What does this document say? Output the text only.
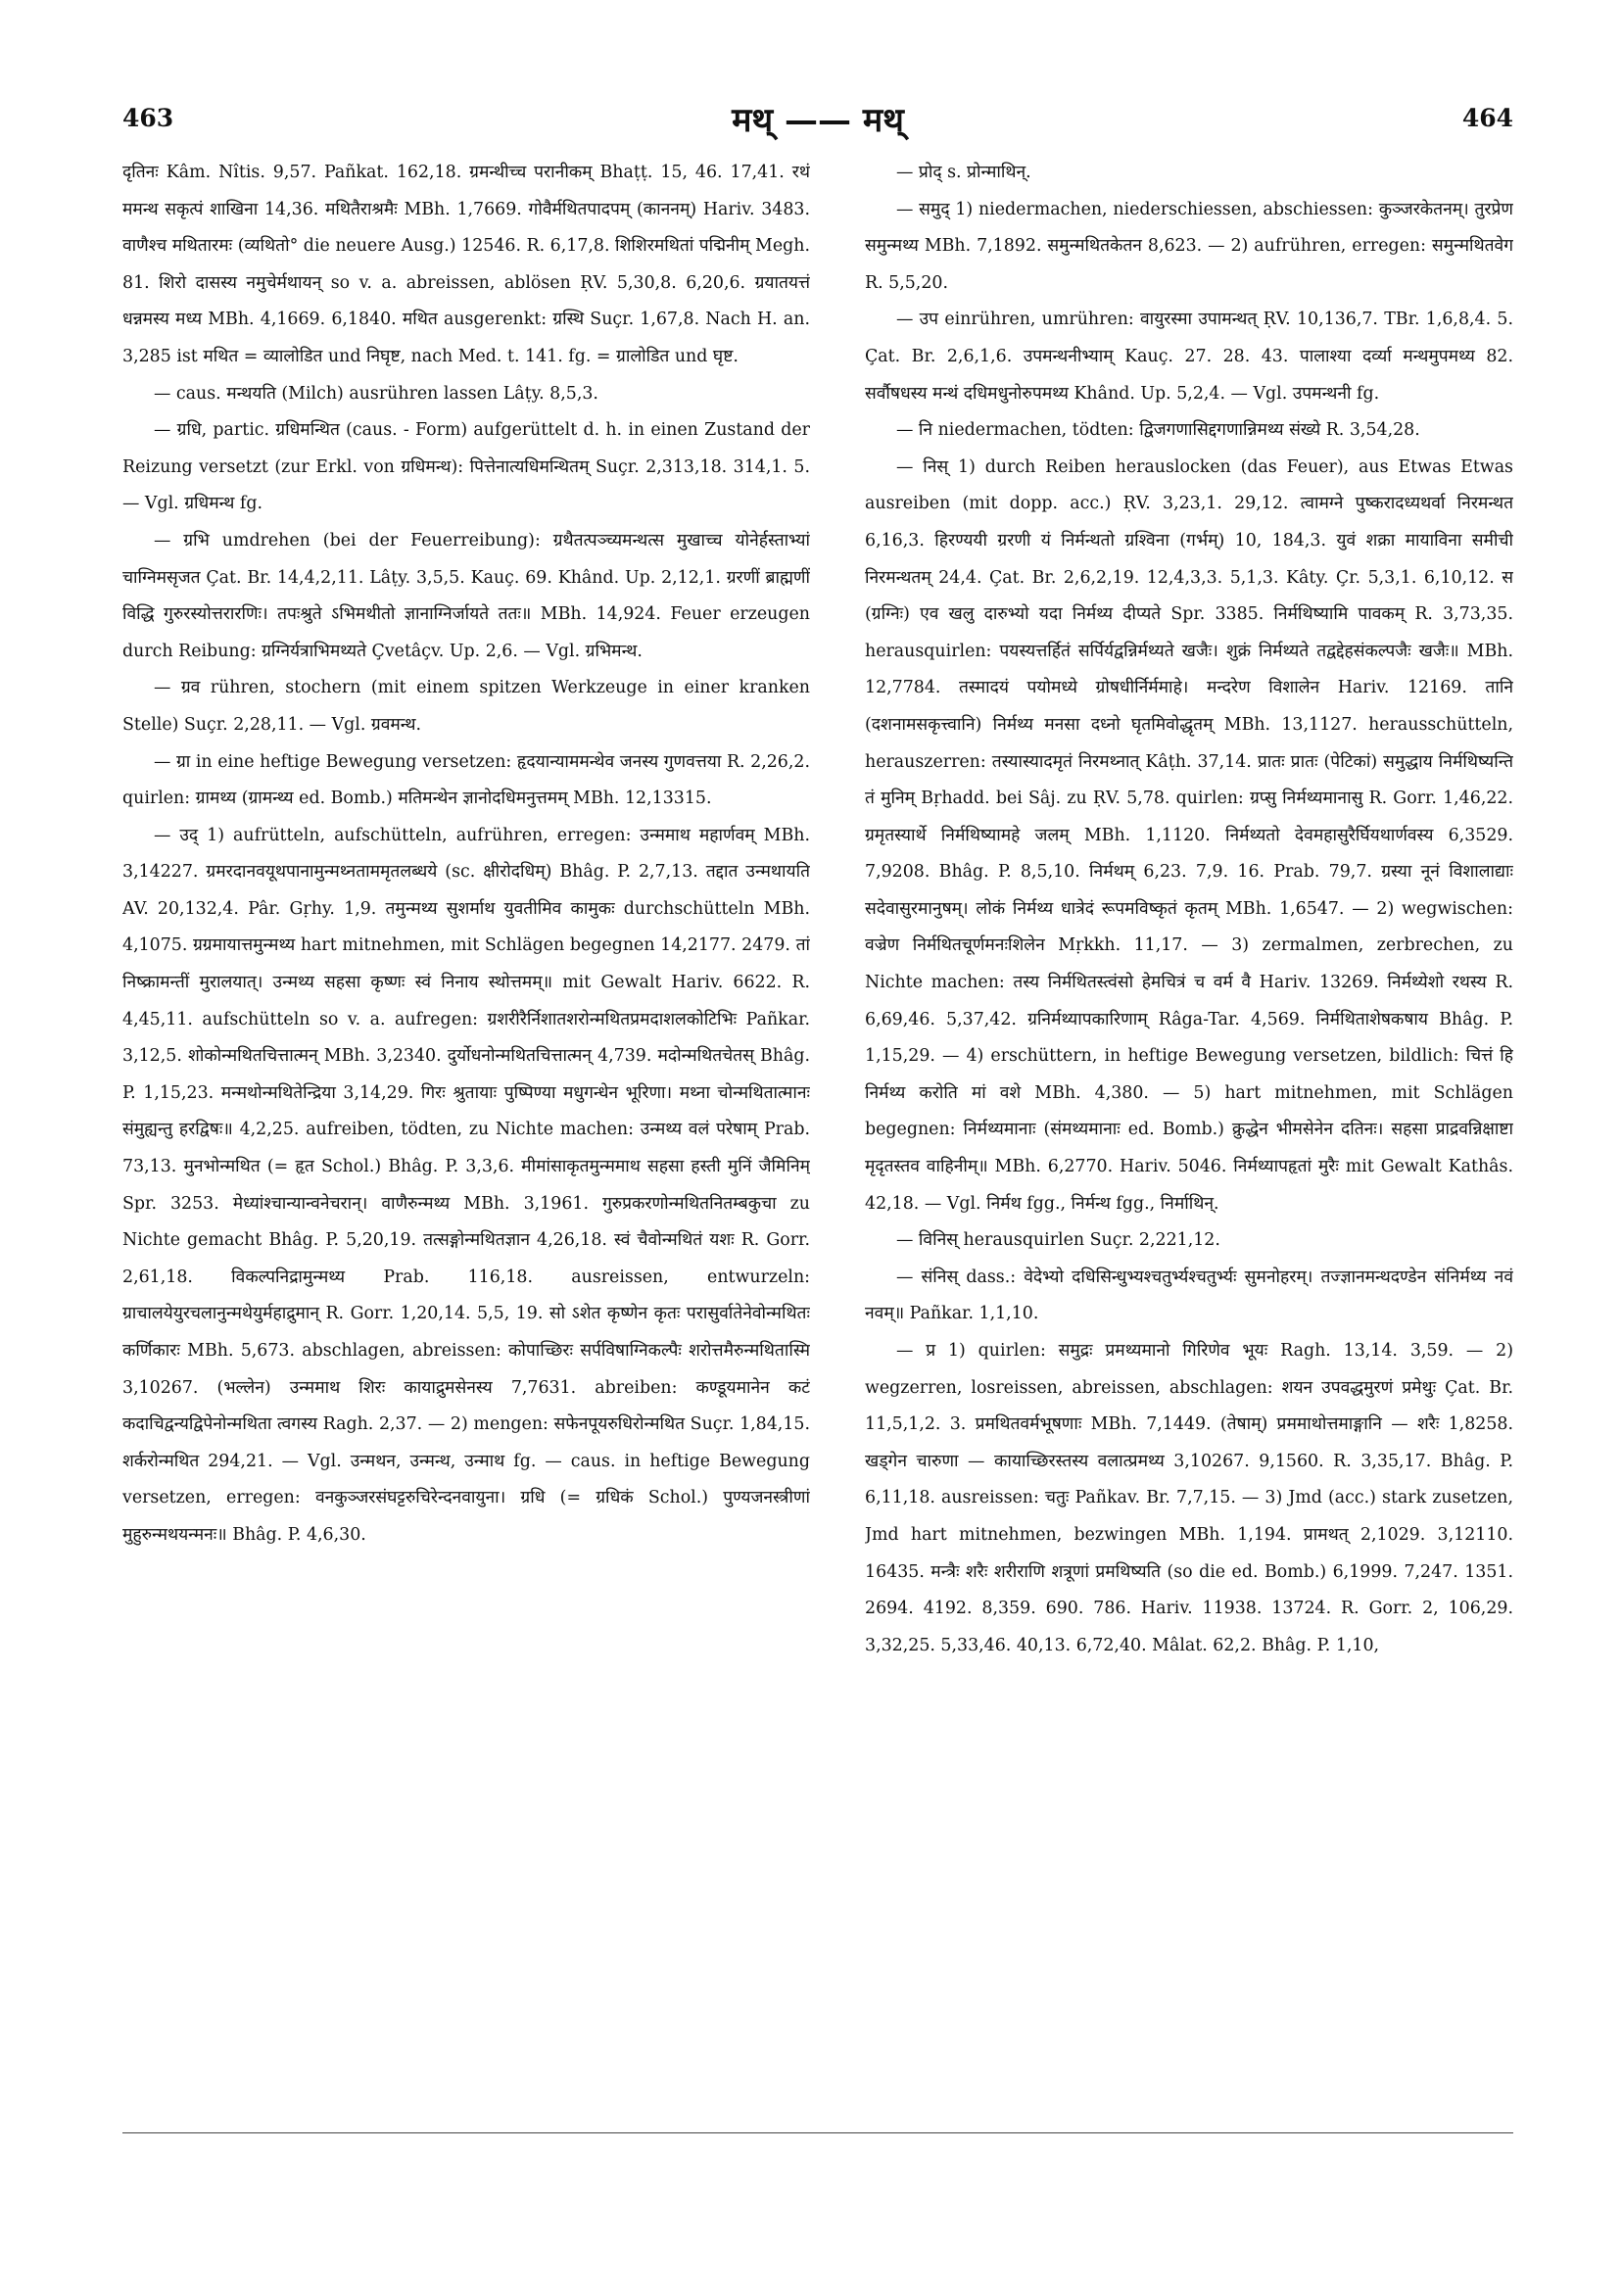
463	मथ् —— मथ्	464

दृतिनः Kâm. Nîtis. 9,57. Pañkat. 162,18. ग्रमन्थीच्च परानीकम् Bhaṭṭ. 15, 46. 17,41. रथं ममन्थ सकृत्पं शाखिना 14,36. मथितैराश्रमैः MBh. 1,7669. गोवैर्मथितपादपम् (काननम्) Hariv. 3483. वाणैश्च मथितारमः (व्यथितो° die neuere Ausg.) 12546. R. 6,17,8. शिशिरमथितां पद्मिनीम् Megh. 81. शिरो दासस्य नमुचेर्मथायन् so v. a. abreissen, ablösen ṚV. 5,30,8. 6,20,6. ग्रयातयत्तं धन्नमस्य मध्य MBh. 4,1669. 6,1840. मथित ausgerenkt: ग्रस्थि Suçr. 1,67,8. Nach H. an. 3,285 ist मथित = व्यालोडित und निघृष्ट, nach Med. t. 141. fg. = ग्रालोडित und घृष्ट.

— caus. मन्थयति (Milch) ausrühren lassen Lâṭy. 8,5,3.

— ग्रधि, partic. ग्रधिमन्थित (caus. - Form) aufgerüttelt d. h. in einen Zustand der Reizung versetzt (zur Erkl. von ग्रधिमन्थ): पित्तेनात्यधिमन्थितम् Suçr. 2,313,18. 314,1. 5. — Vgl. ग्रधिमन्थ fg.

— ग्रभि umdrehen (bei der Feuerreibung): ग्रथैतत्पञ्च्यमन्थत्स मुखाच्च योनेर्हस्ताभ्यां चाग्निमसृजत Çat. Br. 14,4,2,11. Lâṭy. 3,5,5. Kauç. 69. Khând. Up. 2,12,1. ग्ररणीं ब्राह्मणीं विद्धि गुरुरस्योत्तरारणिः। तपःश्रुते ऽभिमथीतो ज्ञानाग्निर्जायते ततः॥ MBh. 14,924. Feuer erzeugen durch Reibung: ग्रग्निर्यत्राभिमथ्यते Çvetâçv. Up. 2,6. — Vgl. ग्रभिमन्थ.

— ग्रव rühren, stochern (mit einem spitzen Werkzeuge in einer kranken Stelle) Suçr. 2,28,11. — Vgl. ग्रवमन्थ.

— ग्रा in eine heftige Bewegung versetzen: हृदयान्याममन्थेव जनस्य गुणवत्तया R. 2,26,2. quirlen: ग्रामथ्य (ग्रामन्थ्य ed. Bomb.) मतिमन्थेन ज्ञानोदधिमनुत्तमम् MBh. 12,13315.

— उद् 1) aufrütteln, aufschütteln, aufrühren, erregen: उन्ममाथ महार्णवम् MBh. 3,14227. ग्रमरदानवयूथपानामुन्मथ्नताममृतलब्धये (sc. क्षीरोदधिम्) Bhâg. P. 2,7,13. तद्दात उन्मथायति AV. 20,132,4. Pâr. Gṛhy. 1,9. तमुन्मथ्य सुशर्माथ युवतीमिव कामुकः durchschütteln MBh. 4,1075. ग्रग्रमायात्तमुन्मथ्य hart mitnehmen, mit Schlägen begegnen 14,2177. 2479. तां निष्क्रामन्तीं मुरालयात्। उन्मथ्य सहसा कृष्णः स्वं निनाय स्थोत्तमम्॥ mit Gewalt Hariv. 6622. R. 4,45,11. aufschütteln so v. a. aufregen: ग्रशरीरैर्निशातशरोन्मथितप्रमदाशलकोटिभिः Pañkar. 3,12,5. शोकोन्मथितचित्तात्मन् MBh. 3,2340. दुर्योधनोन्मथितचित्तात्मन् 4,739. मदोन्मथितचेतस् Bhâg. P. 1,15,23. मन्मथोन्मथितेन्द्रिया 3,14,29. गिरः श्रुतायाः पुष्पिण्या मधुगन्धेन भूरिणा। मथ्ना चोन्मथितात्मानः संमुह्यन्तु हरद्विषः॥ 4,2,25. aufreiben, tödten, zu Nichte machen: उन्मथ्य वलं परेषाम् Prab. 73,13. मुनभोन्मथित (= हृत Schol.) Bhâg. P. 3,3,6. मीमांसाकृतमुन्ममाथ सहसा हस्ती मुनिं जैमिनिम् Spr. 3253. मेध्यांश्चान्यान्वनेचरान्। वाणैरुन्मथ्य MBh. 3,1961. गुरुप्रकरणोन्मथितनितम्बकुचा zu Nichte gemacht Bhâg. P. 5,20,19. तत्सङ्गोन्मथितज्ञान 4,26,18. स्वं चैवोन्मथितं यशः R. Gorr. 2,61,18. विकल्पनिद्रामुन्मथ्य Prab. 116,18. ausreissen, entwurzeln: ग्राचालयेयुरचलानुन्मथेयुर्महाद्रुमान् R. Gorr. 1,20,14. 5,5, 19. सो ऽशेत कृष्णेन कृतः परासुर्वातेनेवोन्मथितः कर्णिकारः MBh. 5,673. abschlagen, abreissen: कोपाच्छिरः सर्पविषाग्निकल्पैः शरोत्तमैरुन्मथितास्मि 3,10267. (भल्लेन) उन्ममाथ शिरः कायाद्रुमसेनस्य 7,7631. abreiben: कण्डूयमानेन कटं कदाचिद्वन्यद्विपेनोन्मथिता त्वगस्य Ragh. 2,37. — 2) mengen: सफेनपूयरुधिरोन्मथित Suçr. 1,84,15. शर्करोन्मथित 294,21. — Vgl. उन्मथन, उन्मन्थ, उन्माथ fg. — caus. in heftige Bewegung versetzen, erregen: वनकुञ्जरसंघट्टरुचिरेन्दनवायुना। ग्रधि (= ग्रधिकं Schol.) पुण्यजनस्त्रीणां मुहुरुन्मथयन्मनः॥ Bhâg. P. 4,6,30.

— प्रोद् s. प्रोन्माथिन्.

— समुद् 1) niedermachen, niederschiessen, abschiessen: कुञ्जरकेतनम्। तुरप्रेण समुन्मथ्य MBh. 7,1892. समुन्मथितकेतन 8,623. — 2) aufrühren, erregen: समुन्मथितवेग R. 5,5,20.

— उप einrühren, umrühren: वायुरस्मा उपामन्थत् ṚV. 10,136,7. TBr. 1,6,8,4. 5. Çat. Br. 2,6,1,6. उपमन्थनीभ्याम् Kauç. 27. 28. 43. पालाश्या दर्व्या मन्थमुपमथ्य 82. सर्वौषधस्य मन्थं दधिमधुनोरुपमथ्य Khând. Up. 5,2,4. — Vgl. उपमन्थनी fg.

— नि niedermachen, tödten: द्विजगणासिद्दगणान्निमथ्य संख्ये R. 3,54,28.

— निस् 1) durch Reiben herauslocken (das Feuer), aus Etwas Etwas ausreiben (mit dopp. acc.) ṚV. 3,23,1. 29,12. त्वामग्ने पुष्करादध्यथर्वा निरमन्थत 6,16,3. हिरण्ययी ग्ररणी यं निर्मन्थतो ग्रश्विना (गर्भम्) 10, 184,3. युवं शक्रा मायाविना समीची निरमन्थतम् 24,4. Çat. Br. 2,6,2,19. 12,4,3,3. 5,1,3. Kâty. Çr. 5,3,1. 6,10,12. स (ग्रग्निः) एव खलु दारुभ्यो यदा निर्मथ्य दीप्यते Spr. 3385. निर्मथिष्यामि पावकम् R. 3,73,35. herausquirlen: पयस्यत्तर्हितं सर्पिर्यद्वन्निर्मथ्यते खजैः। शुक्रं निर्मथ्यते तद्वद्देहसंकल्पजैः खजैः॥ MBh. 12,7784. तस्मादयं पयोमध्ये ग्रोषधीर्निर्ममाहे। मन्दरेण विशालेन Hariv. 12169. तानि (दशनामसकृत्त्वानि) निर्मथ्य मनसा दध्नो घृतमिवोद्धृतम् MBh. 13,1127. herausschütteln, herauszerren: तस्यास्यादमृतं निरमथ्नात् Kâṭh. 37,14. प्रातः प्रातः (पेटिकां) समुद्धाय निर्मथिष्यन्ति तं मुनिम् Bṛhadd. bei Sâj. zu ṚV. 5,78. quirlen: ग्रप्सु निर्मथ्यमानासु R. Gorr. 1,46,22. ग्रमृतस्यार्थे निर्मथिष्यामहे जलम् MBh. 1,1120. निर्मथ्यतो देवमहासुरैर्घियथार्णवस्य 6,3529. 7,9208. Bhâg. P. 8,5,10. निर्मथम् 6,23. 7,9. 16. Prab. 79,7. ग्रस्या नूनं विशालाद्याः सदेवासुरमानुषम्। लोकं निर्मथ्य धात्रेदं रूपमविष्कृतं कृतम् MBh. 1,6547. — 2) wegwischen: वज्रेण निर्मथितचूर्णमनःशिलेन Mṛkkh. 11,17. — 3) zermalmen, zerbrechen, zu Nichte machen: तस्य निर्मथितस्त्वंसो हेमचित्रं च वर्म वै Hariv. 13269. निर्मथ्येशो रथस्य R. 6,69,46. 5,37,42. ग्रनिर्मथ्यापकारिणाम् Râga-Tar. 4,569. निर्मथिताशेषकषाय Bhâg. P. 1,15,29. — 4) erschüttern, in heftige Bewegung versetzen, bildlich: चित्तं हि निर्मथ्य करोति मां वशे MBh. 4,380. — 5) hart mitnehmen, mit Schlägen begegnen: निर्मथ्यमानाः (संमथ्यमानाः ed. Bomb.) क्रुद्धेन भीमसेनेन दतिनः। सहसा प्राद्रवन्निक्षाष्टा मृदृतस्तव वाहिनीम्॥ MBh. 6,2770. Hariv. 5046. निर्मथ्यापहृतां मुरैः mit Gewalt Kathâs. 42,18. — Vgl. निर्मथ fgg., निर्मन्थ fgg., निर्माथिन्.

— विनिस् herausquirlen Suçr. 2,221,12.

— संनिस् dass.: वेदेभ्यो दधिसिन्धुभ्यश्चतुर्भ्यश्चतुर्भ्यः सुमनोहरम्। तज्ज्ञानमन्थदण्डेन संनिर्मथ्य नवं नवम्॥ Pañkar. 1,1,10.

— प्र 1) quirlen: समुद्रः प्रमथ्यमानो गिरिणेव भूयः Ragh. 13,14. 3,59. — 2) wegzerren, losreissen, abreissen, abschlagen: शयन उपवद्धमुरणं प्रमेथुः Çat. Br. 11,5,1,2. 3. प्रमथितवर्मभूषणाः MBh. 7,1449. (तेषाम्) प्रममाथोत्तमाङ्गानि — शरैः 1,8258. खड्गेन चारुणा — कायाच्छिरस्तस्य वलात्प्रमथ्य 3,10267. 9,1560. R. 3,35,17. Bhâg. P. 6,11,18. ausreissen: चतुः Pañkav. Br. 7,7,15. — 3) Jmd (acc.) stark zusetzen, Jmd hart mitnehmen, bezwingen MBh. 1,194. प्रामथत् 2,1029. 3,12110. 16435. मन्त्रैः शरैः शरीराणि शत्रूणां प्रमथिष्यति (so die ed. Bomb.) 6,1999. 7,247. 1351. 2694. 4192. 8,359. 690. 786. Hariv. 11938. 13724. R. Gorr. 2, 106,29. 3,32,25. 5,33,46. 40,13. 6,72,40. Mâlat. 62,2. Bhâg. P. 1,10,
